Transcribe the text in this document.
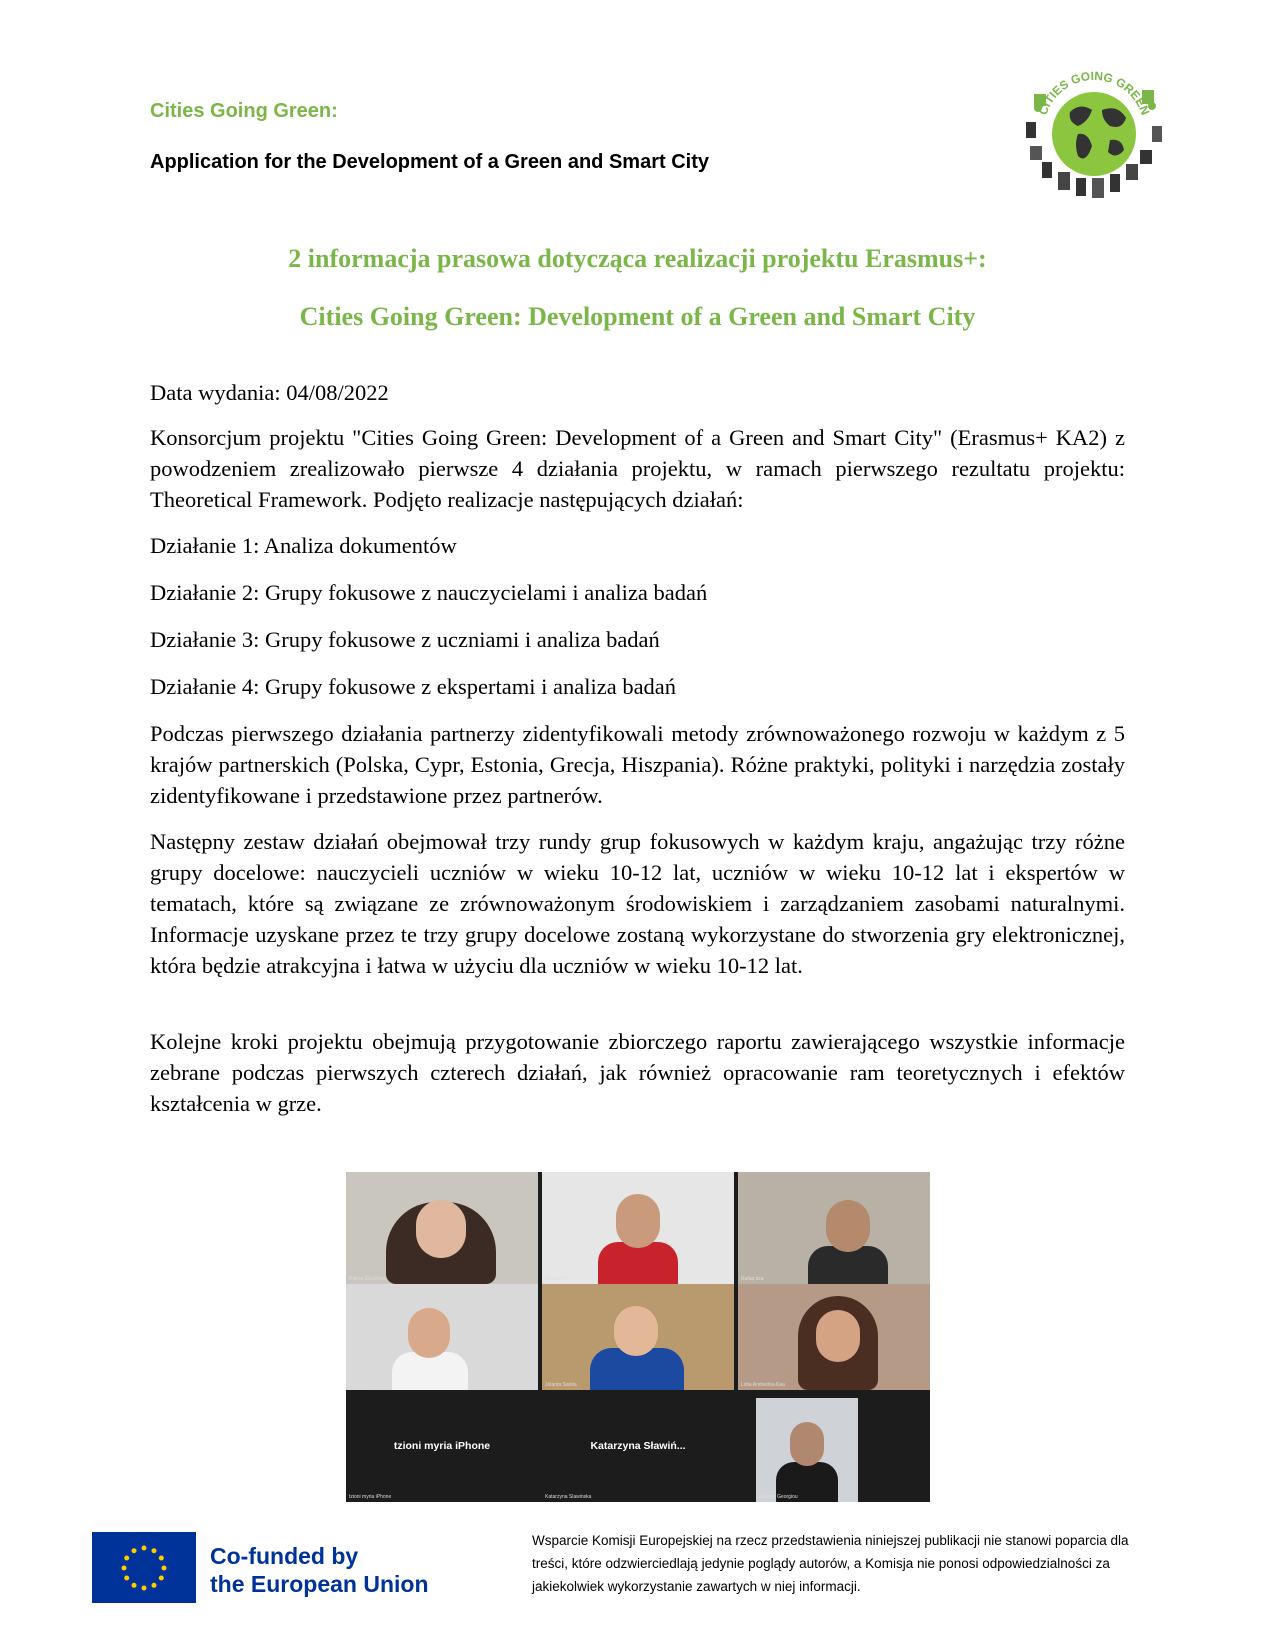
Cities Going Green:

Application for the Development of a Green and Smart City

CITIES GOING GREEN
2 informacja prasowa dotycząca realizacji projektu Erasmus+:
Cities Going Green: Development of a Green and Smart City

Data wydania: 04/08/2022

Konsorcjum projektu "Cities Going Green: Development of a Green and Smart City" (Erasmus+ KA2) z powodzeniem zrealizowało pierwsze 4 działania projektu, w ramach pierwszego rezultatu projektu: Theoretical Framework. Podjęto realizacje następujących działań:

Działanie 1: Analiza dokumentów

Działanie 2: Grupy fokusowe z nauczycielami i analiza badań

Działanie 3: Grupy fokusowe z uczniami i analiza badań

Działanie 4: Grupy fokusowe z ekspertami i analiza badań

Podczas pierwszego działania partnerzy zidentyfikowali metody zrównoważonego rozwoju w każdym z 5 krajów partnerskich (Polska, Cypr, Estonia, Grecja, Hiszpania). Różne praktyki, polityki i narzędzia zostały zidentyfikowane i przedstawione przez partnerów.

Następny zestaw działań obejmował trzy rundy grup fokusowych w każdym kraju, angażując trzy różne grupy docelowe: nauczycieli uczniów w wieku 10-12 lat, uczniów w wieku 10-12 lat i ekspertów w tematach, które są związane ze zrównoważonym środowiskiem i zarządzaniem zasobami naturalnymi. Informacje uzyskane przez te trzy grupy docelowe zostaną wykorzystane do stworzenia gry elektronicznej, która będzie atrakcyjna i łatwa w użyciu dla uczniów w wieku 10-12 lat.

Kolejne kroki projektu obejmują przygotowanie zbiorczego raportu zawierającego wszystkie informacje zebrane podczas pierwszych czterech działań, jak również opracowanie ram teoretycznych i efektów kształcenia w grze.

Polina Zbuchina	Marios Pol...	Rafaq itza
Olha Sjoa	Jolanta Sanita	Lidia Andredou-Kaa
tzioni myria iPhone
tzioni myria iPhone
Katarzyna Sławiń...
Katarzyna Slawinska	George Georgiou
Co-funded by
the European Union

Wsparcie Komisji Europejskiej na rzecz przedstawienia niniejszej publikacji nie stanowi poparcia dla treści, które odzwierciedlają jedynie poglądy autorów, a Komisja nie ponosi odpowiedzialności za jakiekolwiek wykorzystanie zawartych w niej informacji.
